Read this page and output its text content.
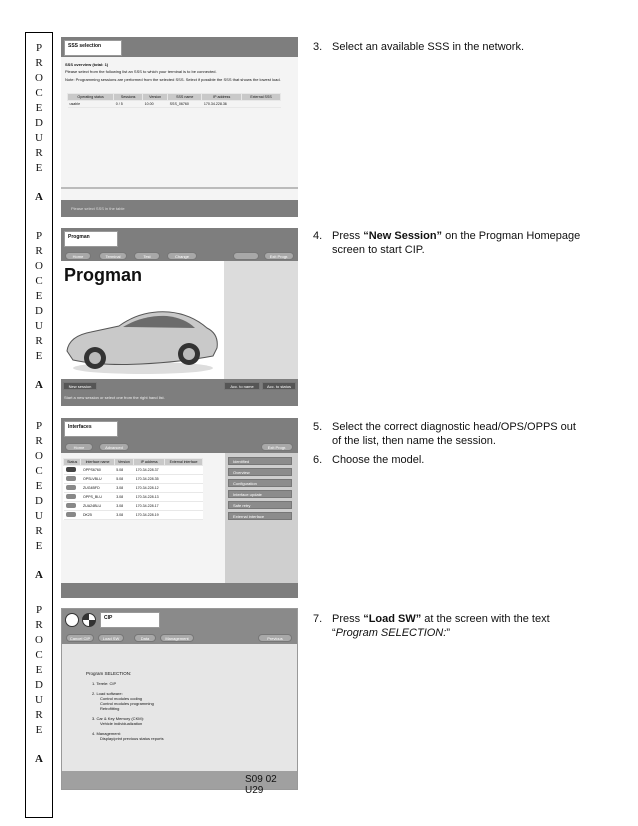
P
R
O
C
E
D
U
R
E
A
P
R
O
C
E
D
U
R
E
A
P
R
O
C
E
D
U
R
E
A
P
R
O
C
E
D
U
R
E
A
SSS selection
SSS overview (total: 1)
Please select from the following list an SSS to which your terminal is to be connected.
Note: Programming sessions are performed from the selected SSS. Select if possible the SSS that shows the lowest load.
Operating status	Sessions	Version	SSS name	IP address	External SSS
usable	0 / 5	10.00	SSS_06760	170.34.228.36	
Please select SSS in the table
Progman
Home	Terminal	Test	Change	Exit Progr.
Progman
New session	Acc. to name	Acc. to status
Start a new session or select one from the right hand list.
Interfaces
Home	Advanced	Exit Progr.
Status	Interface name	Version	IP address	External interface
	OPPS6760	5.08	170.34.228.37	
	OPSLVBLU	5.08	170.34.228.35	
	ZUG4BFD	3.08	170.34.228.12	
	OPPS_BLU	3.08	170.34.228.13	
	ZUA24BLU	3.08	170.34.228.17	
	DK25	3.08	170.34.228.19	
Identified
Overview
Configuration
Interface update
Safe retry
External interface
CIP
Cancel CIP	Load SW	Data	Management	Previous
Program SELECTION:
1. Terele: CIP
2. Load software:
Control modules coding
Control modules programming
Retrofitting
3. Car & Key Memory (CKM):
Vehicle individualization
4. Management:
Display/print previous status reports
S09 02 U29
3. Select an available SSS in the network.
4. Press “New Session” on the Progman Homepage screen to start CIP.
5. Select the correct diagnostic head/OPS/OPPS out of the list, then name the session.
6. Choose the model.
7. Press “Load SW” at the screen with the text “Program SELECTION:”
